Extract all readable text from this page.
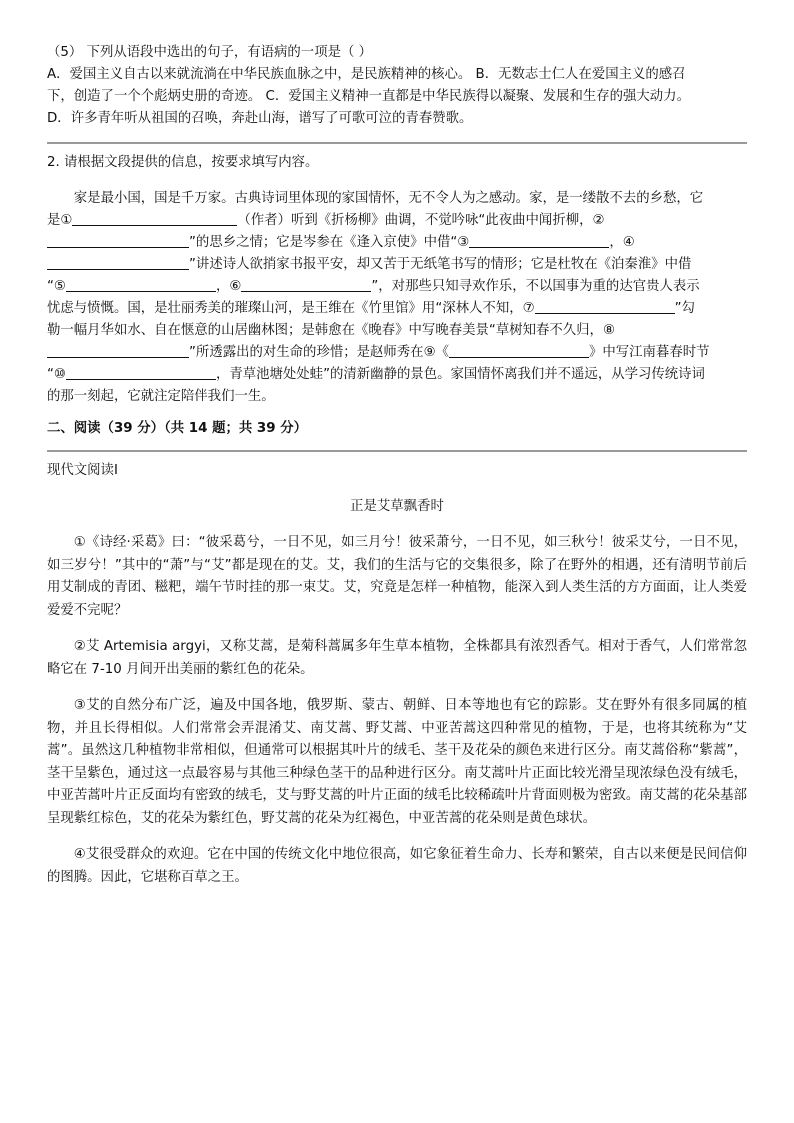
（5） 下列从语段中选出的句子，有语病的一项是（ ）
A．爱国主义自古以来就流淌在中华民族血脉之中，是民族精神的核心。 B．无数志士仁人在爱国主义的感召
下，创造了一个个彪炳史册的奇迹。 C．爱国主义精神一直都是中华民族得以凝聚、发展和生存的强大动力。
D．许多青年听从祖国的召唤，奔赴山海，谱写了可歌可泣的青春赞歌。
2. 请根据文段提供的信息，按要求填写内容。
家是最小国，国是千万家。古典诗词里体现的家国情怀，无不令人为之感动。家，是一缕散不去的乡愁，它
是①	（作者）听到《折杨柳》曲调，不觉吟咏“此夜曲中闻折柳，②
”的思乡之情；它是岑参在《逢入京使》中借“③	，④
”讲述诗人欲捎家书报平安，却又苦于无纸笔书写的情形；它是杜牧在《泊秦淮》中借
“⑤	，⑥	”，对那些只知寻欢作乐，不以国事为重的达官贵人表示
忧虑与愤慨。国，是壮丽秀美的璀璨山河，是王维在《竹里馆》用“深林人不知，⑦	”勾
勒一幅月华如水、自在惬意的山居幽林图；是韩愈在《晚春》中写晚春美景“草树知春不久归，⑧
”所透露出的对生命的珍惜；是赵师秀在⑨《	》中写江南暮春时节
“⑩	，青草池塘处处蛙”的清新幽静的景色。家国情怀离我们并不遥远，从学习传统诗词
的那一刻起，它就注定陪伴我们一生。
二、阅读（39 分）（共 14 题；共 39 分）
现代文阅读Ⅰ
正是艾草飘香时
①《诗经·采葛》曰：“彼采葛兮，一日不见，如三月兮！彼采萧兮，一日不见，如三秋兮！彼采艾兮，一日不见，如三岁兮！”其中的“萧”与“艾”都是现在的艾。艾，我们的生活与它的交集很多，除了在野外的相遇，还有清明节前后用艾制成的青团、糍粑，端午节时挂的那一束艾。艾，究竟是怎样一种植物，能深入到人类生活的方方面面，让人类爱爱爱不完呢？
②艾 Artemisia argyi，又称艾蒿，是菊科蒿属多年生草本植物，全株都具有浓烈香气。相对于香气，人们常常忽略它在 7-10 月间开出美丽的紫红色的花朵。
③艾的自然分布广泛，遍及中国各地，俄罗斯、蒙古、朝鲜、日本等地也有它的踪影。艾在野外有很多同属的植物，并且长得相似。人们常常会弄混淆艾、南艾蒿、野艾蒿、中亚苦蒿这四种常见的植物，于是，也将其统称为“艾蒿”。虽然这几种植物非常相似，但通常可以根据其叶片的绒毛、茎干及花朵的颜色来进行区分。南艾蒿俗称“紫蒿”，茎干呈紫色，通过这一点最容易与其他三种绿色茎干的品种进行区分。南艾蒿叶片正面比较光滑呈现浓绿色没有绒毛，中亚苦蒿叶片正反面均有密致的绒毛，艾与野艾蒿的叶片正面的绒毛比较稀疏叶片背面则极为密致。南艾蒿的花朵基部呈现紫红棕色，艾的花朵为紫红色，野艾蒿的花朵为红褐色，中亚苦蒿的花朵则是黄色球状。
④艾很受群众的欢迎。它在中国的传统文化中地位很高，如它象征着生命力、长寿和繁荣，自古以来便是民间信仰的图腾。因此，它堪称百草之王。
